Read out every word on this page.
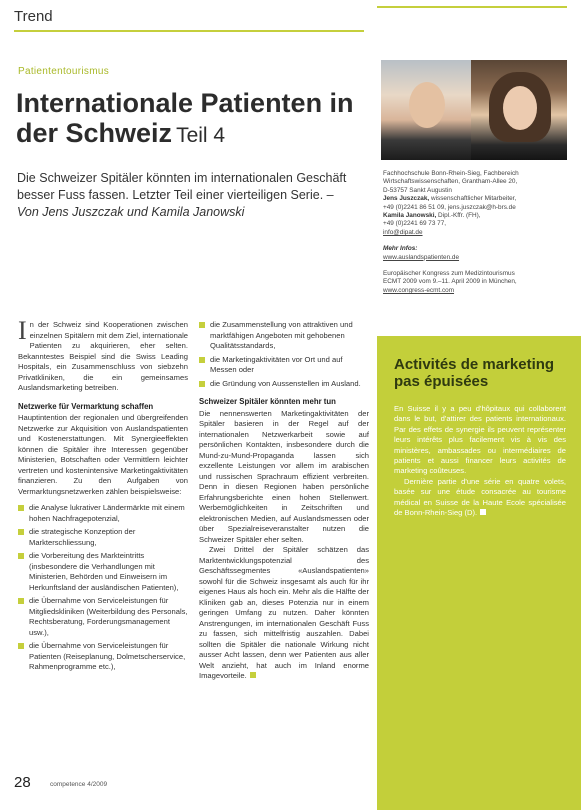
Trend
Patiententourismus
Internationale Patienten in der Schweiz Teil 4
Die Schweizer Spitäler könnten im internationalen Geschäft besser Fuss fassen. Letzter Teil einer vierteiligen Serie. –
Von Jens Juszczak und Kamila Janowski

In der Schweiz sind Kooperationen zwischen einzelnen Spitälern mit dem Ziel, internationale Patienten zu akquirieren, eher selten. Bekanntestes Beispiel sind die Swiss Leading Hospitals, ein Zusammenschluss von siebzehn Privatkliniken, die ein gemeinsames Auslandsmarketing betreiben.

Netzwerke für Vermarktung schaffen

Hauptintention der regionalen und übergreifenden Netzwerke zur Akquisition von Auslandspatienten und Kostenerstattungen. Mit Synergieeffekten können die Spitäler ihre Interessen gegenüber Ministerien, Botschaften oder Vermittlern leichter vertreten und kostenintensive Marketingaktivitäten finanzieren. Zu den Aufgaben von Vermarktungsnetzwerken zählen beispielsweise:

die Analyse lukrativer Ländermärkte mit einem hohen Nachfragepotenzial,
die strategische Konzeption der Markterschliessung,
die Vorbereitung des Markteintritts (insbesondere die Verhandlungen mit Ministerien, Behörden und Einweisern im Herkunftsland der ausländischen Patienten),
die Übernahme von Serviceleistungen für Mitgliedskliniken (Weiterbildung des Personals, Rechtsberatung, Forderungsmanagement usw.),
die Übernahme von Serviceleistungen für Patienten (Reiseplanung, Dolmetscherservice, Rahmenprogramme etc.),
die Zusammenstellung von attraktiven und marktfähigen Angeboten mit gehobenen Qualitätsstandards,
die Marketingaktivitäten vor Ort und auf Messen oder
die Gründung von Aussenstellen im Ausland.
Schweizer Spitäler könnten mehr tun

Die nennenswerten Marketingaktivitäten der Spitäler basieren in der Regel auf der internationalen Netzwerkarbeit sowie auf persönlichen Kontakten, insbesondere durch die Mund-zu-Mund-Propaganda lassen sich exzellente Leistungen vor allem im arabischen und russischen Sprachraum effizient verbreiten. Denn in diesen Regionen haben persönliche Erfahrungsberichte einen hohen Stellenwert. Werbemöglichkeiten in Zeitschriften und elektronischen Medien, auf Auslandsmessen oder über Spezialreiseveranstalter nutzen die Schweizer Spitäler eher selten.

Zwei Drittel der Spitäler schätzen das Marktentwicklungspotenzial des Geschäftssegmentes «Auslandspatienten» sowohl für die Schweiz insgesamt als auch für ihr eigenes Haus als hoch ein. Mehr als die Hälfte der Kliniken gab an, dieses Potenzia nur in einem geringen Umfang zu nutzen. Daher könnten Anstrengungen, im internationalen Geschäft Fuss zu fassen, sich mittelfristig auszahlen. Dabei sollten die Spitäler die nationale Wirkung nicht ausser Acht lassen, denn wer Patienten aus aller Welt anzieht, hat auch im Inland enorme Imagevorteile.

Fachhochschule Bonn-Rhein-Sieg, Fachbereich
Wirtschaftswissenschaften, Grantham-Allee 20,
D-53757 Sankt Augustin
Jens Juszczak, wissenschaftlicher Mitarbeiter,
+49 (0)2241 86 51 09, jens.juszczak@h-brs.de
Kamila Janowski, Dipl.-Kffr. (FH),
+49 (0)2241 69 73 77,
info@dipat.de
Mehr Infos:
www.auslandspatienten.de
Europäischer Kongress zum Medizintourismus
ECMT 2009 vom 9.–11. April 2009 in München,
www.congress-ecmt.com
Activités de marketing pas épuisées

En Suisse il y a peu d'hôpitaux qui collaborent dans le but, d'attirer des patients internationaux. Par des effets de synergie ils peuvent représenter leurs intérêts plus facilement vis à vis des ministères, ambassades ou intermédiaires de patients et aussi financer leurs activités de marketing coûteuses.

Dernière partie d'une série en quatre volets, basée sur une étude consacrée au tourisme médical en Suisse de la Haute Ecole spécialisée de Bonn-Rhein-Sieg (D).

28	competence 4/2009
